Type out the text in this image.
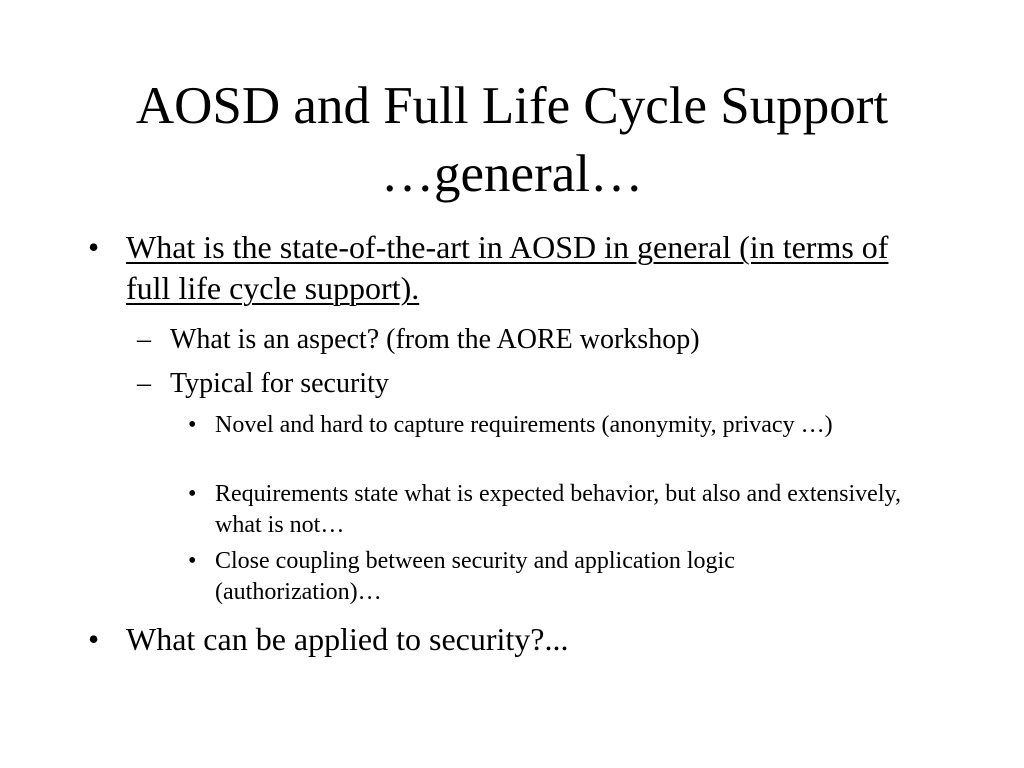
AOSD and Full Life Cycle Support
…general…
• What is the state-of-the-art in AOSD in general (in terms of full life cycle support).
– What is an aspect? (from the AORE workshop)
– Typical for security
• Novel and hard to capture requirements (anonymity, privacy …)
• Requirements state what is expected behavior, but also and extensively, what is not…
• Close coupling between security and application logic (authorization)…
• What can be applied to security?...
